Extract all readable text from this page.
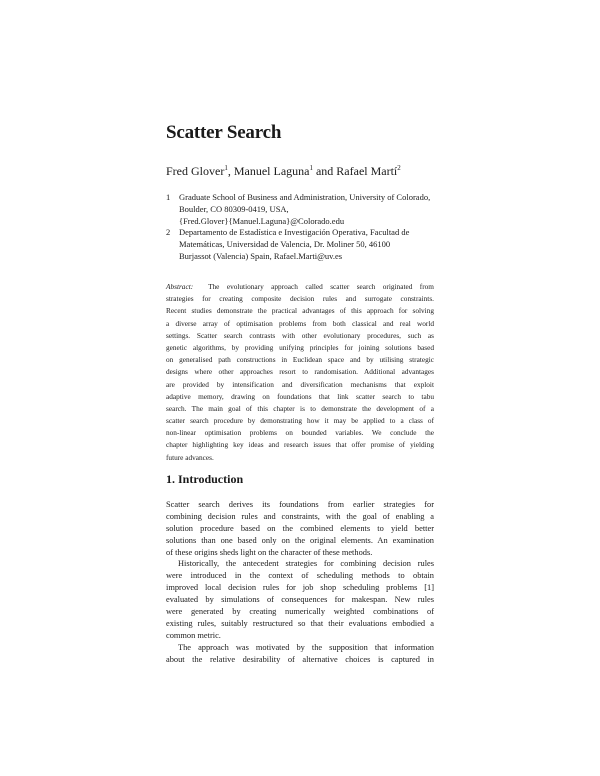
Scatter Search
Fred Glover$^1$, Manuel Laguna$^1$ and Rafael Martí$^2$
1 Graduate School of Business and Administration, University of Colorado,
Boulder, CO 80309-0419, USA,
{Fred.Glover}{Manuel.Laguna}@Colorado.edu
2 Departamento de Estadística e Investigación Operativa, Facultad de
Matemáticas, Universidad de Valencia, Dr. Moliner 50, 46100
Burjassot (Valencia) Spain, Rafael.Marti@uv.es
Abstract: The evolutionary approach called scatter search originated from
strategies for creating composite decision rules and surrogate constraints.
Recent studies demonstrate the practical advantages of this approach for solving
a diverse array of optimisation problems from both classical and real world
settings. Scatter search contrasts with other evolutionary procedures, such as
genetic algorithms, by providing unifying principles for joining solutions based
on generalised path constructions in Euclidean space and by utilising strategic
designs where other approaches resort to randomisation. Additional advantages
are provided by intensification and diversification mechanisms that exploit
adaptive memory, drawing on foundations that link scatter search to tabu
search. The main goal of this chapter is to demonstrate the development of a
scatter search procedure by demonstrating how it may be applied to a class of
non-linear optimisation problems on bounded variables. We conclude the
chapter highlighting key ideas and research issues that offer promise of yielding
future advances.
1. Introduction
Scatter search derives its foundations from earlier strategies for
combining decision rules and constraints, with the goal of enabling a
solution procedure based on the combined elements to yield better
solutions than one based only on the original elements. An examination
of these origins sheds light on the character of these methods.
Historically, the antecedent strategies for combining decision rules
were introduced in the context of scheduling methods to obtain
improved local decision rules for job shop scheduling problems [1]
evaluated by simulations of consequences for makespan. New rules
were generated by creating numerically weighted combinations of
existing rules, suitably restructured so that their evaluations embodied a
common metric.
The approach was motivated by the supposition that information
about the relative desirability of alternative choices is captured in
